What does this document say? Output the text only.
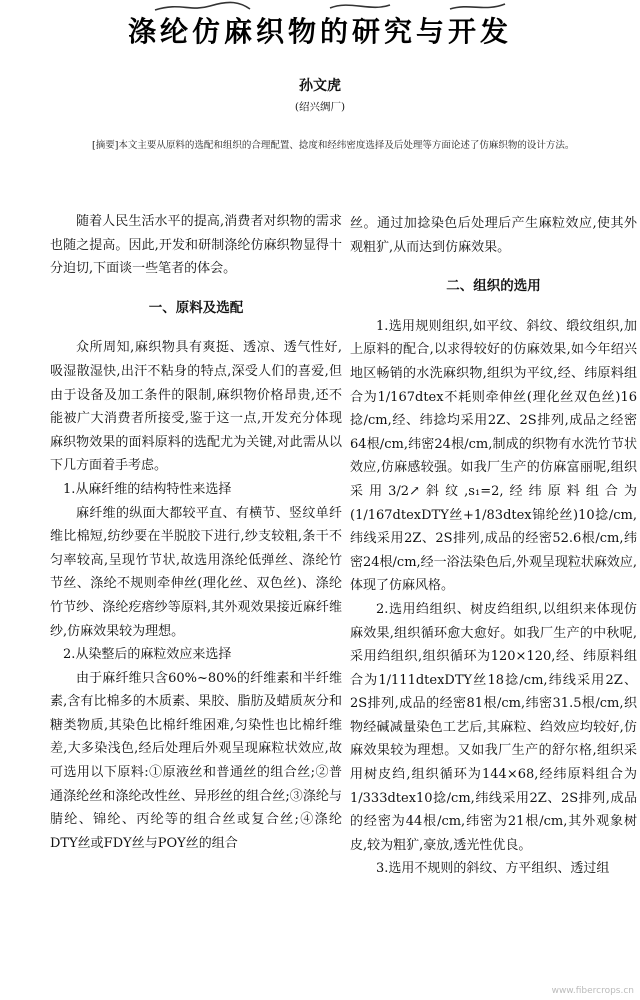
涤纶仿麻织物的研究与开发
孙文虎
(绍兴绸厂)
[摘要]本文主要从原料的选配和组织的合理配置、捻度和经纬密度选择及后处理等方面论述了仿麻织物的设计方法。

随着人民生活水平的提高,消费者对织物的需求也随之提高。因此,开发和研制涤纶仿麻织物显得十分迫切,下面谈一些笔者的体会。

一、原料及选配

众所周知,麻织物具有爽挺、透凉、透气性好,吸湿散湿快,出汗不粘身的特点,深受人们的喜爱,但由于设备及加工条件的限制,麻织物价格昂贵,还不能被广大消费者所接受,鉴于这一点,开发充分体现麻织物效果的面料原料的选配尤为关键,对此需从以下几方面着手考虑。

1.从麻纤维的结构特性来选择

麻纤维的纵面大都较平直、有横节、竖纹单纤维比棉短,纺纱要在半脱胶下进行,纱支较粗,条干不匀率较高,呈现竹节状,故选用涤纶低弹丝、涤纶竹节丝、涤纶不规则牵伸丝(理化丝、双色丝)、涤纶竹节纱、涤纶疙瘩纱等原料,其外观效果接近麻纤维纱,仿麻效果较为理想。

2.从染整后的麻粒效应来选择

由于麻纤维只含60%~80%的纤维素和半纤维素,含有比棉多的木质素、果胶、脂肪及蜡质灰分和糖类物质,其染色比棉纤维困难,匀染性也比棉纤维差,大多染浅色,经后处理后外观呈现麻粒状效应,故可选用以下原料:①原液丝和普通丝的组合丝;②普通涤纶丝和涤纶改性丝、异形丝的组合丝;③涤纶与腈纶、锦纶、丙纶等的组合丝或复合丝;④涤纶DTY丝或FDY丝与POY丝的组合

丝。通过加捻染色后处理后产生麻粒效应,使其外观粗犷,从而达到仿麻效果。

二、组织的选用

1.选用规则组织,如平纹、斜纹、缎纹组织,加上原料的配合,以求得较好的仿麻效果,如今年绍兴地区畅销的水洗麻织物,组织为平纹,经、纬原料组合为1/167dtex不耗则牵伸丝(理化丝双色丝)16捻/cm,经、纬捻均采用2Z、2S排列,成品之经密64根/cm,纬密24根/cm,制成的织物有水洗竹节状效应,仿麻感较强。如我厂生产的仿麻富丽呢,组织采用3/2↗斜纹,s₁=2,经纬原料组合为(1/167dtexDTY丝+1/83dtex锦纶丝)10捻/cm,纬线采用2Z、2S排列,成品的经密52.6根/cm,纬密24根/cm,经一浴法染色后,外观呈现粒状麻效应,体现了仿麻风格。

2.选用绉组织、树皮绉组织,以组织来体现仿麻效果,组织循环愈大愈好。如我厂生产的中秋呢,采用绉组织,组织循环为120×120,经、纬原料组合为1/111dtexDTY丝18捻/cm,纬线采用2Z、2S排列,成品的经密81根/cm,纬密31.5根/cm,织物经碱减量染色工艺后,其麻粒、绉效应均较好,仿麻效果较为理想。又如我厂生产的舒尔格,组织采用树皮绉,组织循环为144×68,经纬原料组合为1/333dtex10捻/cm,纬线采用2Z、2S排列,成品的经密为44根/cm,纬密为21根/cm,其外观象树皮,较为粗犷,豪放,透光性优良。

3.选用不规则的斜纹、方平组织、透过组

www.fibercrops.cn
